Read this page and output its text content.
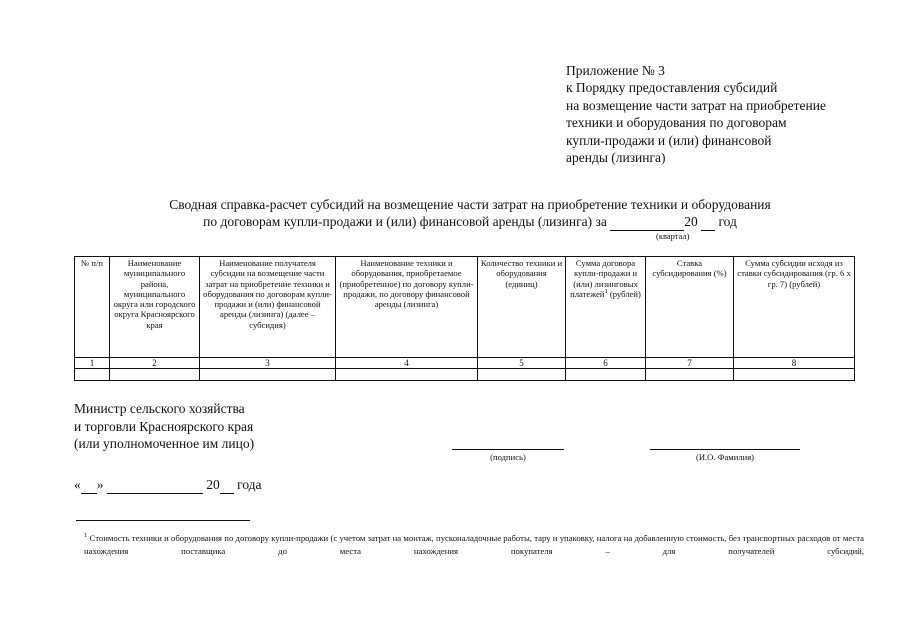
Приложение № 3
к Порядку предоставления субсидий
на возмещение части затрат на приобретение
техники и оборудования по договорам
купли-продажи и (или) финансовой
аренды (лизинга)
Сводная справка-расчет субсидий на возмещение части затрат на приобретение техники и оборудования
по договорам купли-продажи и (или) финансовой аренды (лизинга) за	20 год
(квартал)
№ п/п	Наименование муниципального района, муниципального округа или городского округа Красноярского края	Наименование получателя субсидии на возмещение части затрат на приобретение техники и оборудования по договорам купли-продажи и (или) финансовой аренды (лизинга) (далее – субсидия)	Наименование техники и оборудования, приобретаемое (приобретенное) по договору купли-продажи, по договору финансовой аренды (лизинга)	Количество техники и оборудования (единиц)	Сумма договора купли-продажи и (или) лизинговых платежей$^1$ (рублей)	Ставка субсидирования (%)	Сумма субсидии исходя из ставки субсидирования (гр. 6 х гр. 7) (рублей)
1	2	3	4	5	6	7	8

Министр сельского хозяйства
и торговли Красноярского края
(или уполномоченное им лицо)
(подпись)	(И.О. Фамилия)
« »	20 года
$^1$ Стоимость техники и оборудования по договору купли-продажи (с учетом затрат на монтаж, пусконаладочные работы, тару и упаковку, налога на добавленную стоимость, без транспортных расходов от места нахождения поставщика до места нахождения покупателя – для получателей субсидий,
